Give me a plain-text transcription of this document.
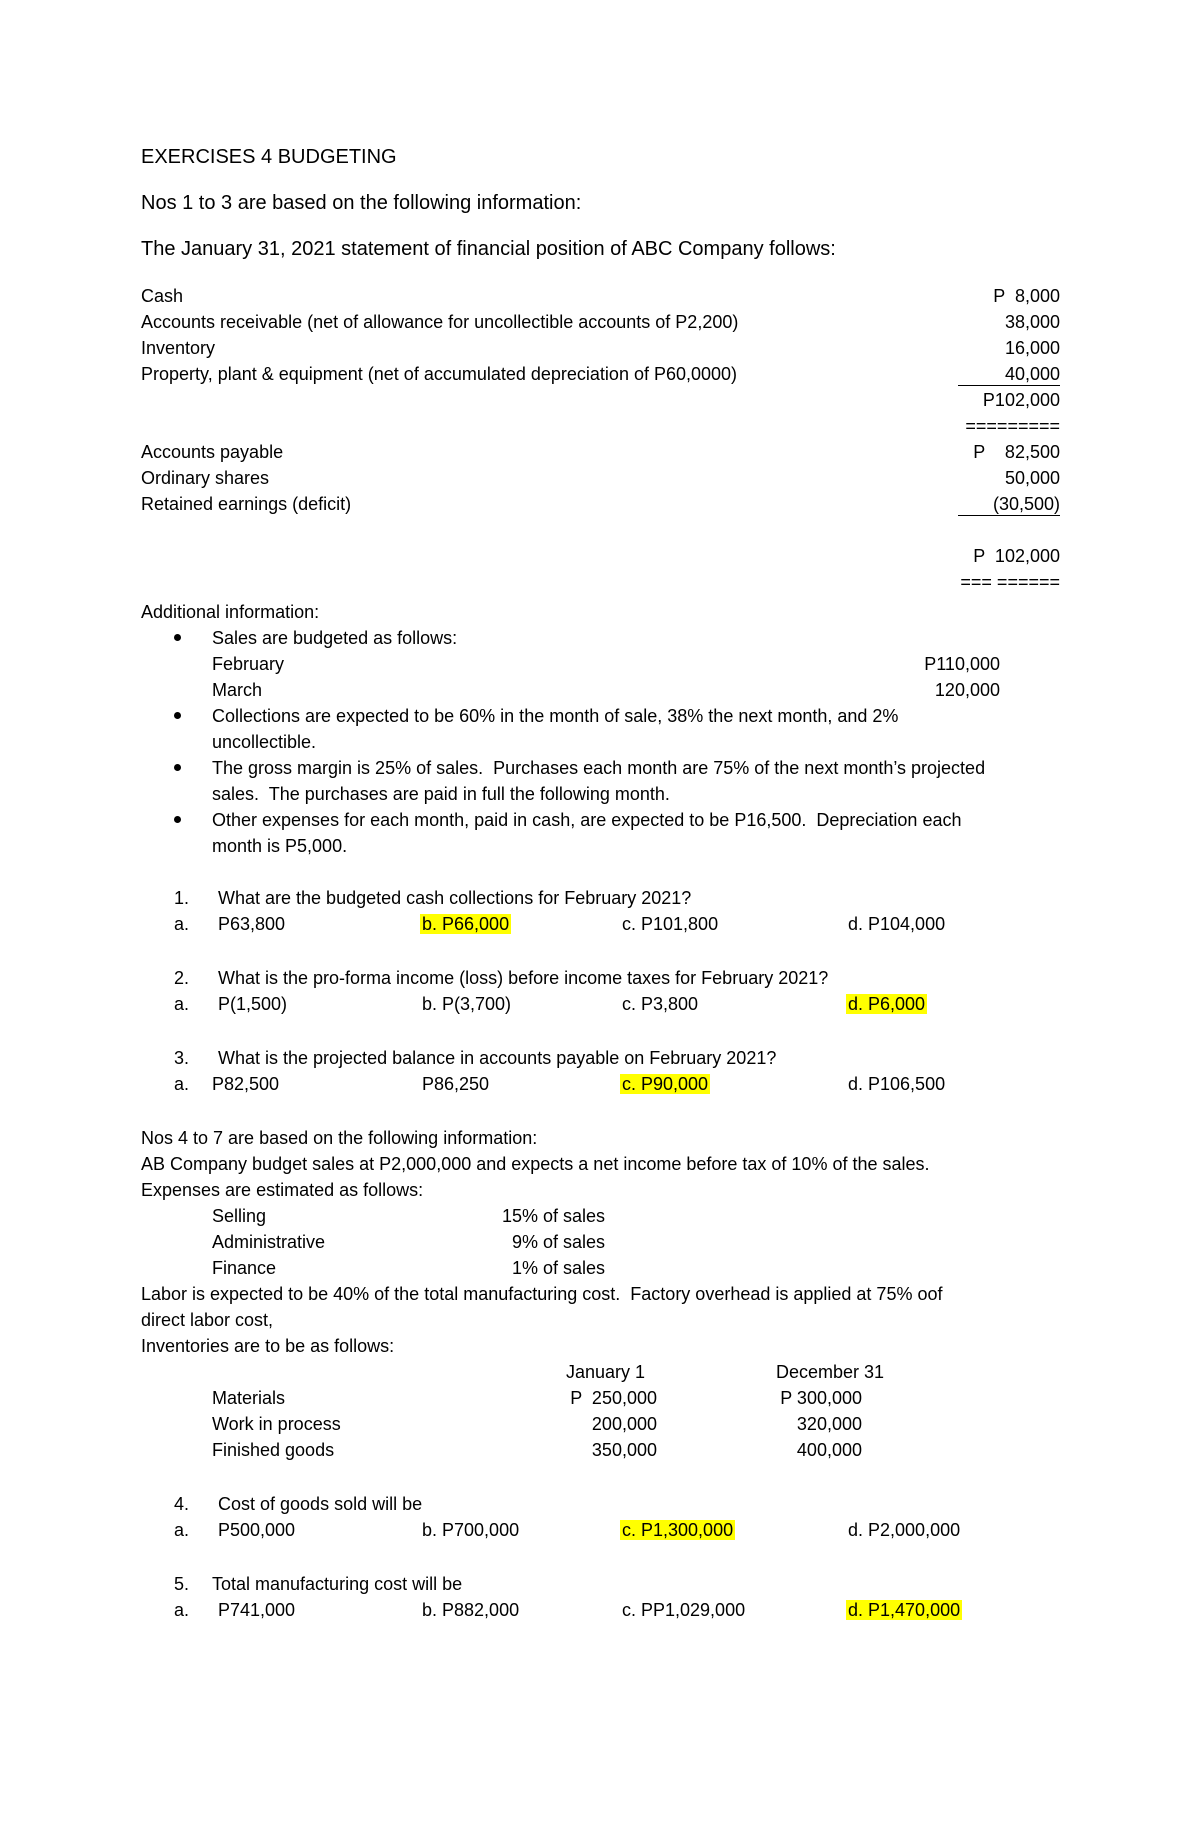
EXERCISES 4 BUDGETING
Nos 1 to 3 are based on the following information:
The January 31, 2021 statement of financial position of ABC Company follows:
Cash	P  8,000
Accounts receivable (net of allowance for uncollectible accounts of P2,200)	38,000
Inventory	16,000
Property, plant & equipment (net of accumulated depreciation of P60,0000)	40,000
P102,000
=========
Accounts payable	P    82,500
Ordinary shares	50,000
Retained earnings (deficit)	(30,500)
P  102,000
=== ======
Additional information:
Sales are budgeted as follows:
February	P110,000
March	120,000
Collections are expected to be 60% in the month of sale, 38% the next month, and 2%
uncollectible.
The gross margin is 25% of sales.  Purchases each month are 75% of the next month’s projected
sales.  The purchases are paid in full the following month.
Other expenses for each month, paid in cash, are expected to be P16,500.  Depreciation each
month is P5,000.
1. What are the budgeted cash collections for February 2021?
a. P63,800	b. P66,000	c. P101,800	d. P104,000
2. What is the pro-forma income (loss) before income taxes for February 2021?
a. P(1,500)	b. P(3,700)	c. P3,800	d. P6,000
3. What is the projected balance in accounts payable on February 2021?
a. P82,500	P86,250	c. P90,000	d. P106,500
Nos 4 to 7 are based on the following information:
AB Company budget sales at P2,000,000 and expects a net income before tax of 10% of the sales.
Expenses are estimated as follows:
Selling	15% of sales
Administrative	9% of sales
Finance	1% of sales
Labor is expected to be 40% of the total manufacturing cost.  Factory overhead is applied at 75% oof
direct labor cost,
Inventories are to be as follows:
January 1	December 31
Materials	P  250,000	P 300,000
Work in process	200,000	320,000
Finished goods	350,000	400,000
4. Cost of goods sold will be
a. P500,000	b. P700,000	c. P1,300,000	d. P2,000,000
5. Total manufacturing cost will be
a. P741,000	b. P882,000	c. PP1,029,000	d. P1,470,000
